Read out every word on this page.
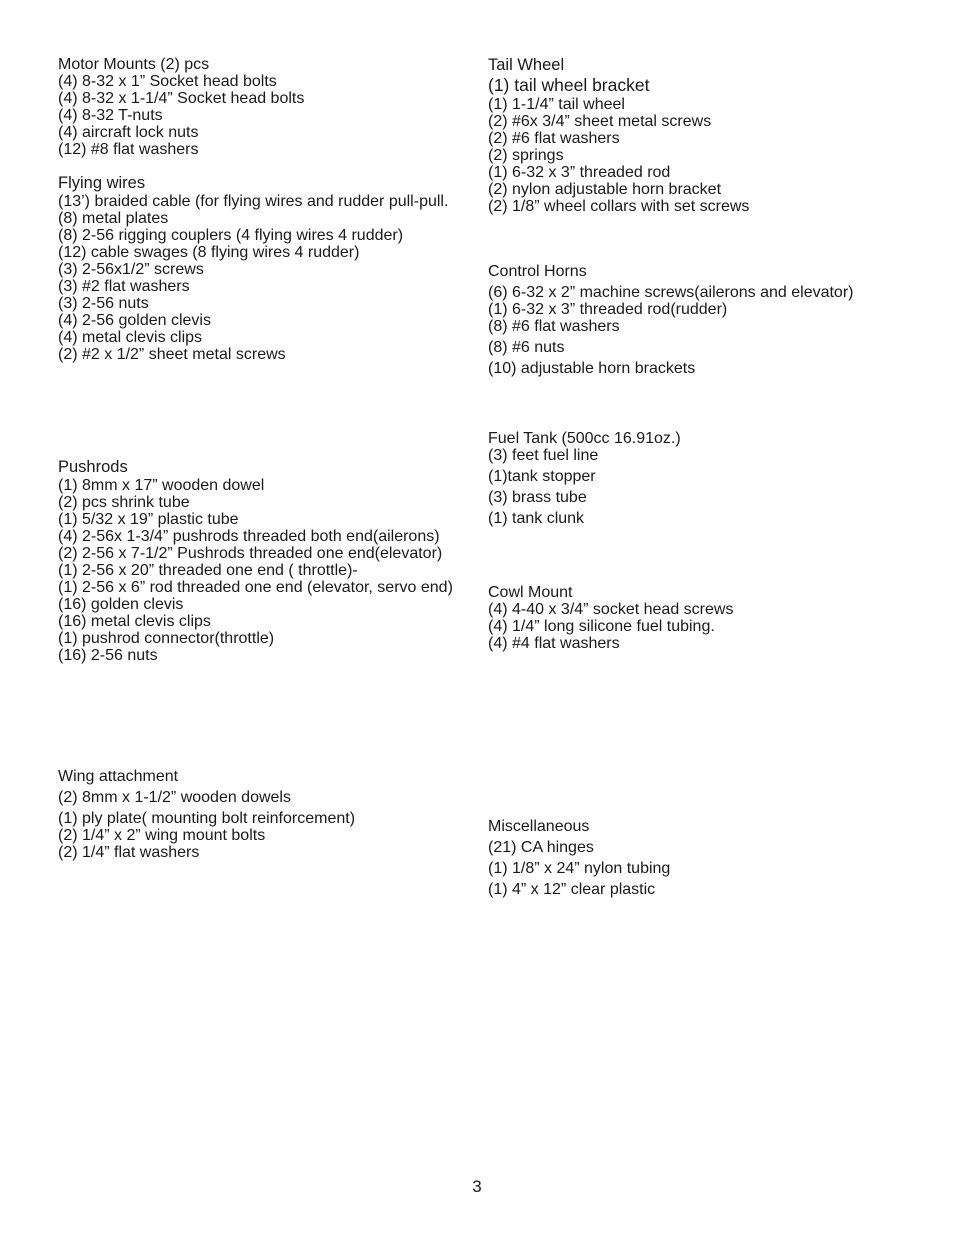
Motor Mounts (2) pcs
(4) 8-32 x 1” Socket head bolts
(4) 8-32 x 1-1/4” Socket head bolts
(4) 8-32 T-nuts
(4) aircraft lock nuts
(12) #8 flat washers
Flying wires
(13’) braided cable (for flying wires and rudder pull-pull.
(8) metal plates
(8) 2-56 rigging couplers (4 flying wires 4 rudder)
(12) cable swages (8 flying wires 4 rudder)
(3) 2-56x1/2” screws
(3) #2 flat washers
(3) 2-56 nuts
(4) 2-56 golden clevis
(4) metal clevis clips
(2) #2 x 1/2” sheet metal screws
Pushrods
(1) 8mm x 17” wooden dowel
(2) pcs shrink tube
(1) 5/32 x 19” plastic tube
(4) 2-56x 1-3/4” pushrods threaded both end(ailerons)
(2) 2-56 x 7-1/2” Pushrods threaded one end(elevator)
(1) 2-56 x 20” threaded one end ( throttle)-
(1) 2-56 x 6” rod threaded one end (elevator, servo end)
(16) golden clevis
(16) metal clevis clips
(1) pushrod connector(throttle)
(16) 2-56 nuts
Wing attachment
(2) 8mm x 1-1/2” wooden dowels
(1) ply plate( mounting bolt reinforcement)
(2) 1/4” x 2” wing mount bolts
(2) 1/4” flat washers
Tail Wheel
(1) tail wheel bracket
(1) 1-1/4” tail wheel
(2) #6x 3/4” sheet metal screws
(2) #6 flat washers
(2) springs
(1) 6-32 x 3” threaded rod
(2) nylon adjustable horn bracket
(2) 1/8” wheel collars with set screws
Control Horns
(6) 6-32 x 2” machine screws(ailerons and elevator)
(1) 6-32 x 3” threaded rod(rudder)
(8) #6 flat washers
(8) #6 nuts
(10) adjustable horn brackets
Fuel Tank (500cc 16.91oz.)
(3) feet fuel line
(1)tank stopper
(3) brass tube
(1) tank clunk
Cowl Mount
(4) 4-40 x 3/4” socket head screws
(4) 1/4” long silicone fuel tubing.
(4) #4 flat washers
Miscellaneous
(21) CA hinges
(1) 1/8” x 24” nylon tubing
(1) 4” x 12” clear plastic
3
